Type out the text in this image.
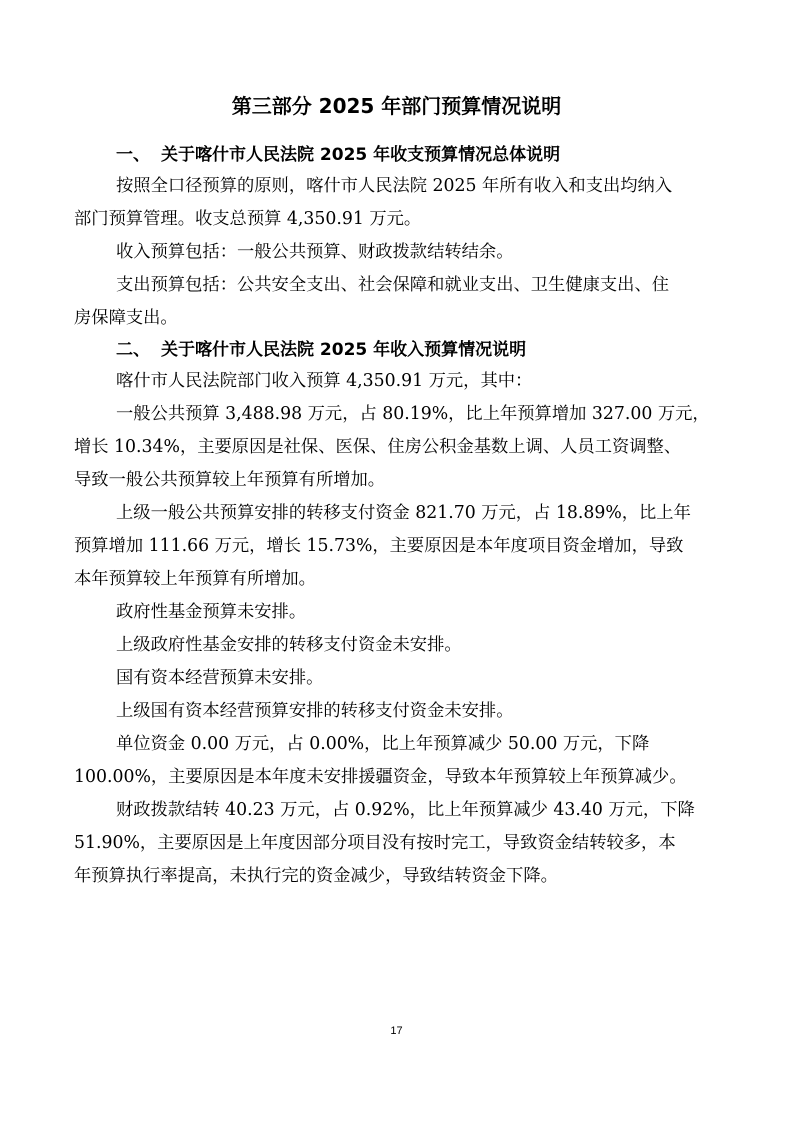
第三部分 2025 年部门预算情况说明
一、 关于喀什市人民法院 2025 年收支预算情况总体说明
按照全口径预算的原则，喀什市人民法院 2025 年所有收入和支出均纳入
部门预算管理。收支总预算 4,350.91 万元。
收入预算包括：一般公共预算、财政拨款结转结余。
支出预算包括：公共安全支出、社会保障和就业支出、卫生健康支出、住
房保障支出。
二、 关于喀什市人民法院 2025 年收入预算情况说明
喀什市人民法院部门收入预算 4,350.91 万元，其中：
一般公共预算 3,488.98 万元，占 80.19%，比上年预算增加 327.00 万元，
增长 10.34%，主要原因是社保、医保、住房公积金基数上调、人员工资调整、
导致一般公共预算较上年预算有所增加。
上级一般公共预算安排的转移支付资金 821.70 万元，占 18.89%，比上年
预算增加 111.66 万元，增长 15.73%，主要原因是本年度项目资金增加，导致
本年预算较上年预算有所增加。
政府性基金预算未安排。
上级政府性基金安排的转移支付资金未安排。
国有资本经营预算未安排。
上级国有资本经营预算安排的转移支付资金未安排。
单位资金 0.00 万元，占 0.00%，比上年预算减少 50.00 万元，下降
100.00%，主要原因是本年度未安排援疆资金，导致本年预算较上年预算减少。
财政拨款结转 40.23 万元，占 0.92%，比上年预算减少 43.40 万元，下降
51.90%，主要原因是上年度因部分项目没有按时完工，导致资金结转较多，本
年预算执行率提高，未执行完的资金减少，导致结转资金下降。
17
